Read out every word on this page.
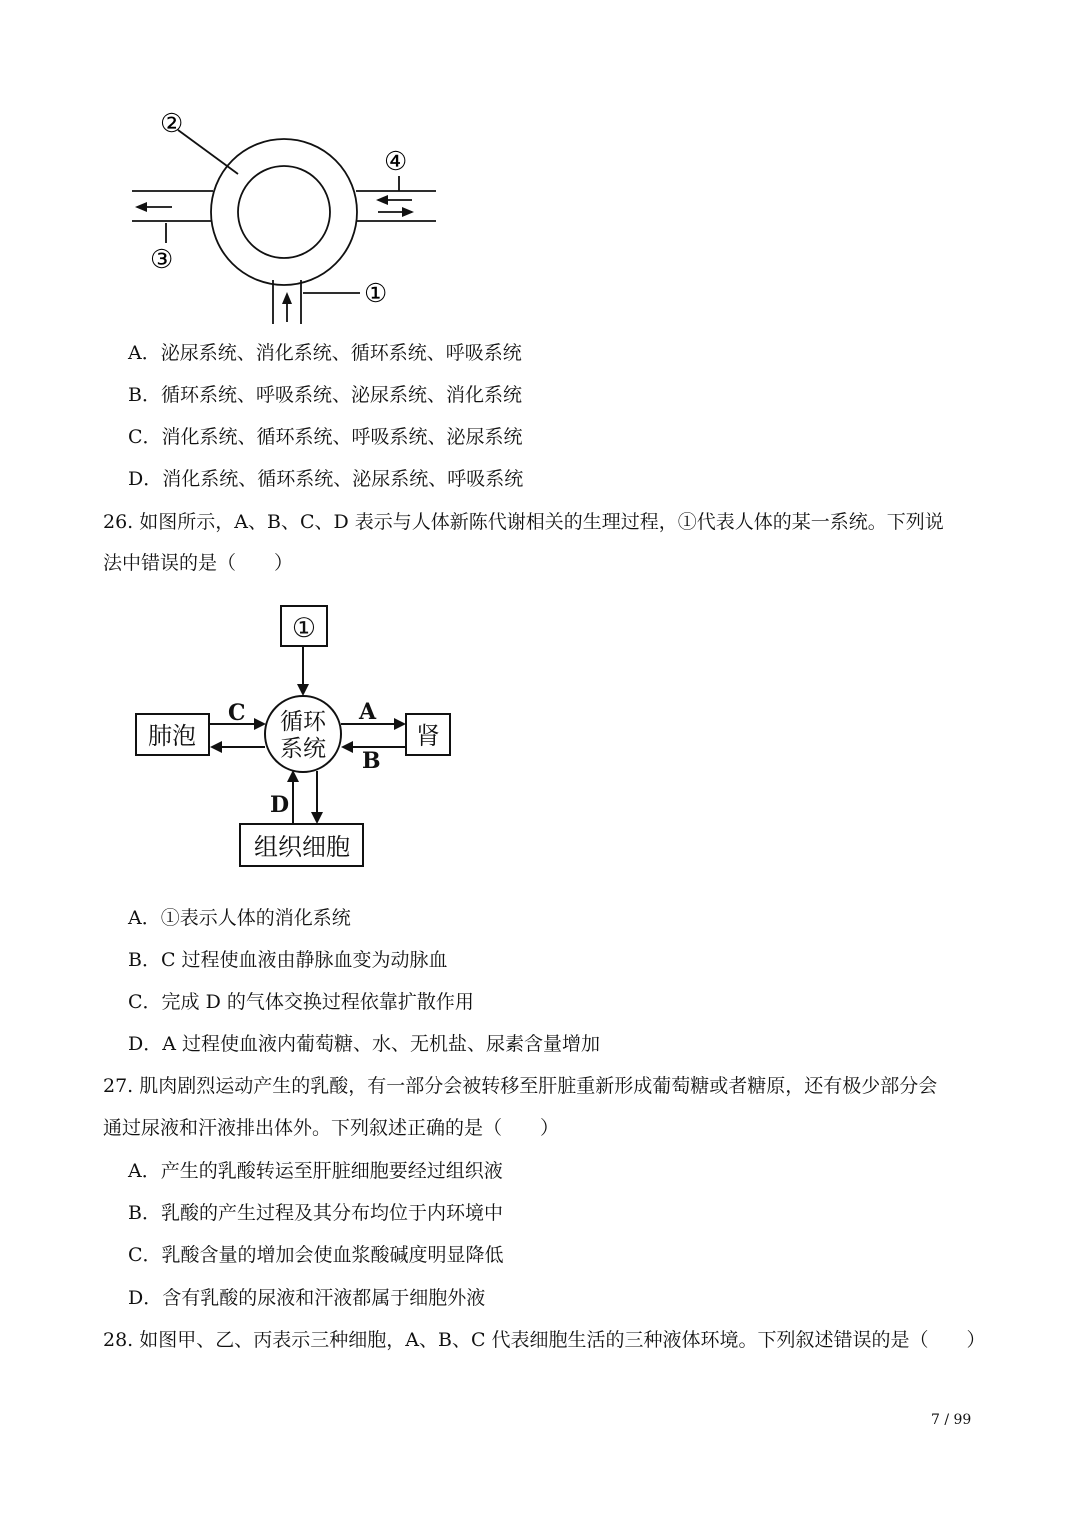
②
③
④
①
A．泌尿系统、消化系统、循环系统、呼吸系统
B．循环系统、呼吸系统、泌尿系统、消化系统
C．消化系统、循环系统、呼吸系统、泌尿系统
D．消化系统、循环系统、泌尿系统、呼吸系统
26. 如图所示，A、B、C、D 表示与人体新陈代谢相关的生理过程，①代表人体的某一系统。下列说
法中错误的是（　　）
①
肺泡	肾
组织细胞
循环
系统
C	A
B
D
A．①表示人体的消化系统
B．C 过程使血液由静脉血变为动脉血
C．完成 D 的气体交换过程依靠扩散作用
D．A 过程使血液内葡萄糖、水、无机盐、尿素含量增加
27. 肌肉剧烈运动产生的乳酸，有一部分会被转移至肝脏重新形成葡萄糖或者糖原，还有极少部分会
通过尿液和汗液排出体外。下列叙述正确的是（　　）
A．产生的乳酸转运至肝脏细胞要经过组织液
B．乳酸的产生过程及其分布均位于内环境中
C．乳酸含量的增加会使血浆酸碱度明显降低
D．含有乳酸的尿液和汗液都属于细胞外液
28. 如图甲、乙、丙表示三种细胞，A、B、C 代表细胞生活的三种液体环境。下列叙述错误的是（　　）
7 / 99
